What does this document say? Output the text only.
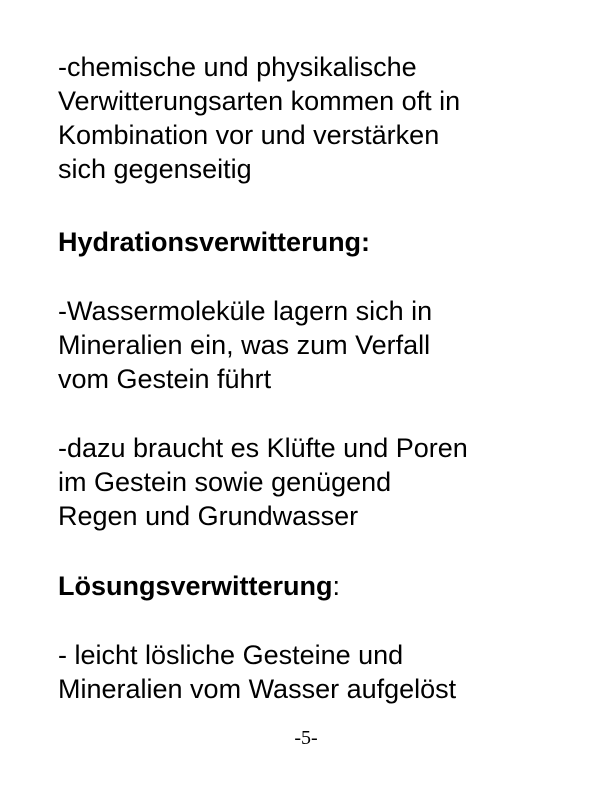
-chemische und physikalische
Verwitterungsarten kommen oft in
Kombination vor und verstärken
sich gegenseitig

Hydrationsverwitterung:

-Wassermoleküle lagern sich in
Mineralien ein, was zum Verfall
vom Gestein führt

-dazu braucht es Klüfte und Poren
im Gestein sowie genügend
Regen und Grundwasser

Lösungsverwitterung:

- leicht lösliche Gesteine und
Mineralien vom Wasser aufgelöst

-5-
